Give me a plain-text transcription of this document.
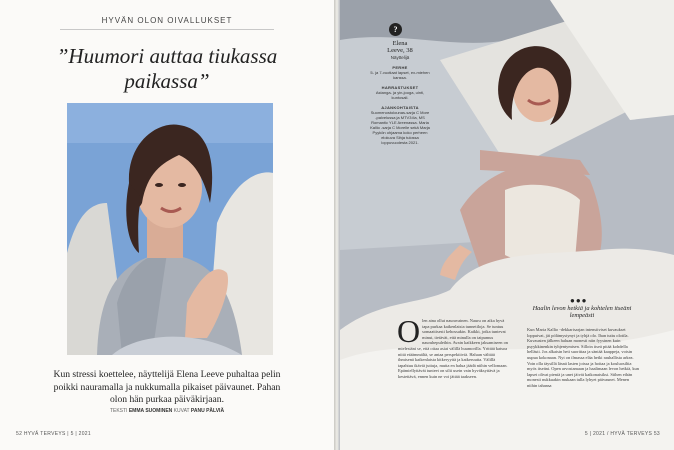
HYVÄN OLON OIVALLUKSET
”Huumori auttaa tiukassa paikassa”
Kun stressi koettelee, näyttelijä Elena Leeve puhaltaa pelin poikki nauramalla ja nukkumalla pikaiset päivaunet. Pahan olon hän purkaa päiväkirjaan.
TEKSTI EMMA SUOMINEN KUVAT PANU PÄLVIÄ
52 HYVÄ TERVEYS | 5 | 2021
?
Elena
Leeve, 38
Näyttelijä
PERHE
5- ja 7-vuotiaat lapset, ex-miehen kanssa.
HARRASTUKSET
Astanga- ja yin-jooga, uinti, kuntosali.
AJANKOHTAISTA
Suomenostolounas-sarja C More -palvelussa ja MTV3:lla, MS Romantic YLE Areenassa. Maria Kallio -sarja C Morelle sekä Marja Pyykön ohjaama koko perheen elokuva Sihja tulossa loppuvuodesta 2021.
O len aina ollut nauravainen. Nauru on aika hyvä tapa purkaa kaikenlaisia tunnetiloja. Se tuntuu somaattisesti kehossakin. Kaikki, jotka tuntevat minut, tietävät, että minulla on taipumus nauruhepuleihin. Avain kaikkeen jaksamiseen on mielestäni se, että ottaa asiat välillä huumorilla. Yrittää katsoa niitä etäämmältä, se antaa perspektiiviä. Haluan välttää ihmisenä kaikenlaista kitkeryyttä ja katkeruutta. Välillä tapahtuu ikäviä juttuja, mutta en halua jäädä niihin vellomaan. Epämiellyttävät tunteet on silti usein vain hyväksyttävä ja kestettävä, ennen kuin ne voi jättää taakseen.
●●●
Haalin levon hetkiä ja kohtelen itseäni lempeästi
Kun Maria Kallio -dekkarisarjan intensiiviset kuvaukset loppuivat, jäi pölämystynyt ja tyhjä olo. Ihan tuttu olotila. Kuvausten jälkeen haluan monesti niin fyysinen kuin psyykkinenkin tyhjentymisen. Silloin itseä pitää kohdella hellästi. Jos alkaisin heti suorittaa ja säntää kaappeja, voisin uupua kokonaan. Nyt on ilmassa eläa hetki rauhallista arkea. Voin olla täysillä läsnä lasten joissa ja hoitaa ja kouluosiltia myös itseäni. Open arvostamaan ja haalimaan levon hetkiä, kun lapset olivat pieniä ja unet jäivät katkonaisiksi. Siihen eihän monesti nukkuakin mukaan tulla lyhyet päivaunet. Menen niihin tahansa
5 | 2021 / HYVÄ TERVEYS 53
